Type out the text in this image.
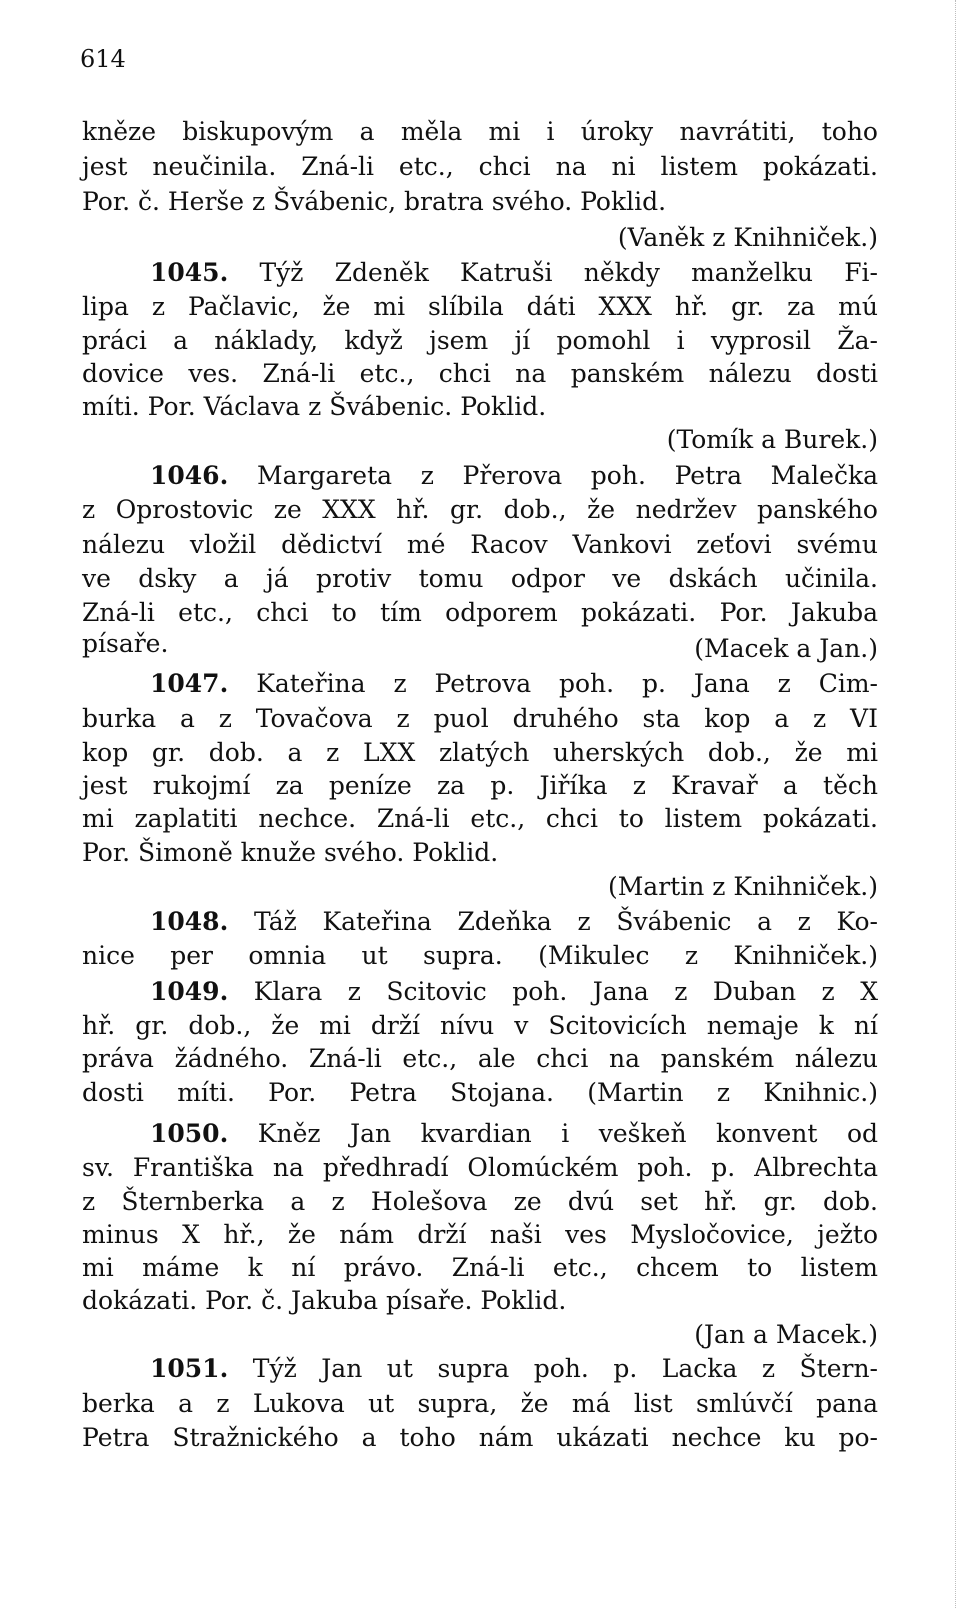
614
kněze biskupovým a měla mi i úroky navrátiti, toho
jest neučinila. Zná-li etc., chci na ni listem pokázati.
Por. č. Herše z Švábenic, bratra svého. Poklid.
(Vaněk z Knihniček.)
1045. Týž Zdeněk Katruši někdy manželku Fi-
lipa z Pačlavic, že mi slíbila dáti XXX hř. gr. za mú
práci a náklady, když jsem jí pomohl i vyprosil Ža-
dovice ves. Zná-li etc., chci na panském nálezu dosti
míti. Por. Václava z Švábenic. Poklid.
(Tomík a Burek.)
1046. Margareta z Přerova poh. Petra Malečka
z Oprostovic ze XXX hř. gr. dob., že nedržev panského
nálezu vložil dědictví mé Racov Vankovi zeťovi svému
ve dsky a já protiv tomu odpor ve dskách učinila.
Zná-li etc., chci to tím odporem pokázati. Por. Jakuba
písaře.	(Macek a Jan.)
1047. Kateřina z Petrova poh. p. Jana z Cim-
burka a z Tovačova z puol druhého sta kop a z VI
kop gr. dob. a z LXX zlatých uherských dob., že mi
jest rukojmí za peníze za p. Jiříka z Kravař a těch
mi zaplatiti nechce. Zná-li etc., chci to listem pokázati.
Por. Šimoně knuže svého. Poklid.
(Martin z Knihniček.)
1048. Táž Kateřina Zdeňka z Švábenic a z Ko-
nice per omnia ut supra. (Mikulec z Knihniček.)
1049. Klara z Scitovic poh. Jana z Duban z X
hř. gr. dob., že mi drží nívu v Scitovicích nemaje k ní
práva žádného. Zná-li etc., ale chci na panském nálezu
dosti míti. Por. Petra Stojana. (Martin z Knihnic.)
1050. Kněz Jan kvardian i veškeň konvent od
sv. Františka na předhradí Olomúckém poh. p. Albrechta
z Šternberka a z Holešova ze dvú set hř. gr. dob.
minus X hř., že nám drží naši ves Mysločovice, ježto
mi máme k ní právo. Zná-li etc., chcem to listem
dokázati. Por. č. Jakuba písaře. Poklid.
(Jan a Macek.)
1051. Týž Jan ut supra poh. p. Lacka z Štern-
berka a z Lukova ut supra, že má list smlúvčí pana
Petra Stražnického a toho nám ukázati nechce ku po-
